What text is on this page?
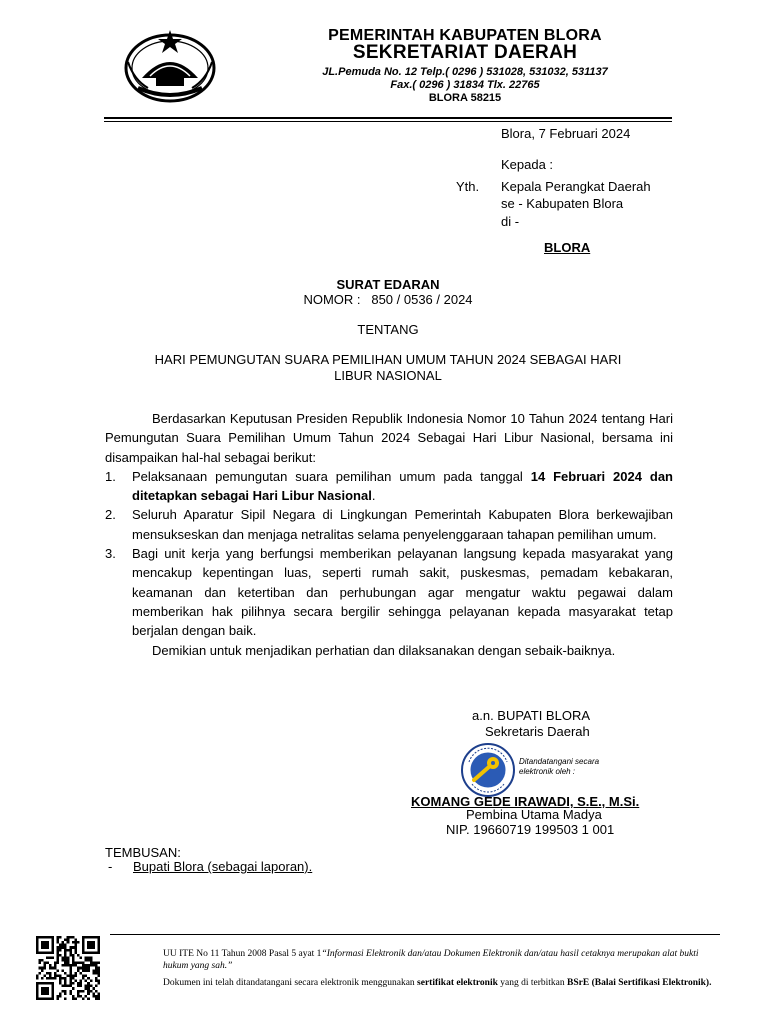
PEMERINTAH KABUPATEN BLORA
SEKRETARIAT DAERAH
JL.Pemuda No. 12 Telp.( 0296 ) 531028, 531032, 531137
Fax.( 0296 ) 31834 Tlx. 22765
BLORA 58215
Blora, 7 Februari 2024
Kepada :
Yth. Kepala Perangkat Daerah
se - Kabupaten Blora
di -
BLORA
SURAT EDARAN
NOMOR :   850 / 0536 / 2024
TENTANG
HARI PEMUNGUTAN SUARA PEMILIHAN UMUM TAHUN 2024 SEBAGAI HARI
LIBUR NASIONAL

Berdasarkan Keputusan Presiden Republik Indonesia Nomor 10 Tahun 2024 tentang Hari Pemungutan Suara Pemilihan Umum Tahun 2024 Sebagai Hari Libur Nasional, bersama ini disampaikan hal-hal sebagai berikut:

1. Pelaksanaan pemungutan suara pemilihan umum pada tanggal 14 Februari 2024 dan ditetapkan sebagai Hari Libur Nasional.
2. Seluruh Aparatur Sipil Negara di Lingkungan Pemerintah Kabupaten Blora berkewajiban mensukseskan dan menjaga netralitas selama penyelenggaraan tahapan pemilihan umum.
3. Bagi unit kerja yang berfungsi memberikan pelayanan langsung kepada masyarakat yang mencakup kepentingan luas, seperti rumah sakit, puskesmas, pemadam kebakaran, keamanan dan ketertiban dan perhubungan agar mengatur waktu pegawai dalam memberikan hak pilihnya secara bergilir sehingga pelayanan kepada masyarakat tetap berjalan dengan baik.

Demikian untuk menjadikan perhatian dan dilaksanakan dengan sebaik-baiknya.

a.n. BUPATI BLORA
Sekretaris Daerah
Ditandatangani secara
elektronik oleh :
KOMANG GEDE IRAWADI, S.E., M.Si.
Pembina Utama Madya
NIP. 19660719 199503 1 001
TEMBUSAN:
- Bupati Blora (sebagai laporan).
UU ITE No 11 Tahun 2008 Pasal 5 ayat 1“Informasi Elektronik dan/atau Dokumen Elektronik dan/atau hasil cetaknya merupakan alat bukti hukum yang sah.”
Dokumen ini telah ditandatangani secara elektronik menggunakan sertifikat elektronik yang di terbitkan BSrE (Balai Sertifikasi Elektronik).
